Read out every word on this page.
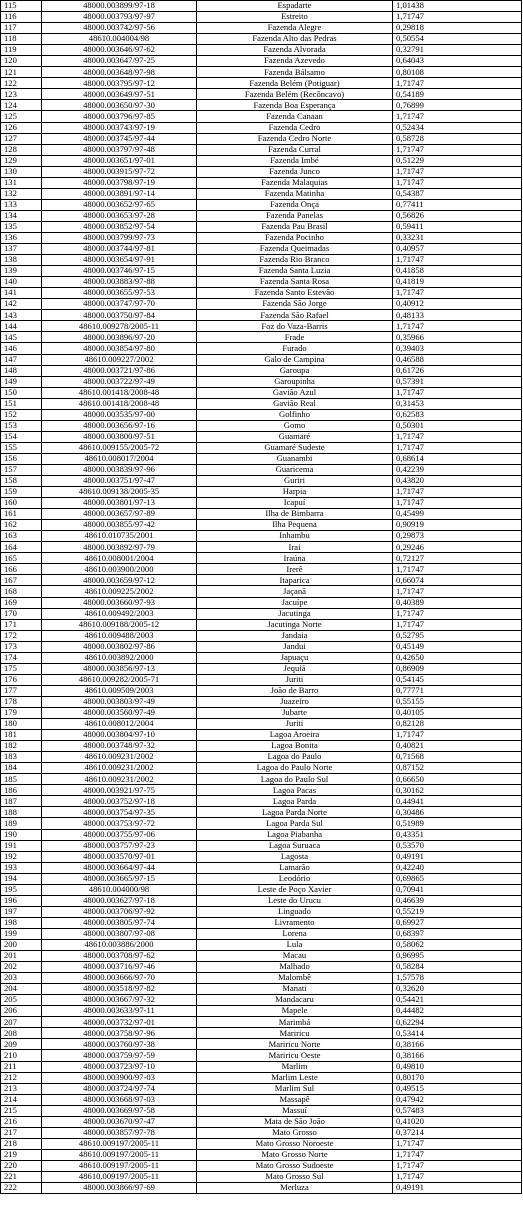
115	48000.003899/97-18	Espadarte	1,01438
116	48000.003793/97-97	Estreito	1,71747
117	48000.003742/97-56	Fazenda Alegre	0,29818
118	48610.004004/98	Fazenda Alto das Pedras	0,50554
119	48000.003646/97-62	Fazenda Alvorada	0,32791
120	48000.003647/97-25	Fazenda Azevedo	0,64043
121	48000.003648/97-98	Fazenda Bálsamo	0,80108
122	48000.003795/97-12	Fazenda Belém (Potiguar)	1,71747
123	48000.003649/97-51	Fazenda Belém (Recôncavo)	0,54189
124	48000.003650/97-30	Fazenda Boa Esperança	0,76899
125	48000.003796/97-85	Fazenda Canaan	1,71747
126	48000.003743/97-19	Fazenda Cedro	0,52434
127	48000.003745/97-44	Fazenda Cedro Norte	0,58728
128	48000.003797/97-48	Fazenda Curral	1,71747
129	48000.003651/97-01	Fazenda Imbé	0,51229
130	48000.003915/97-72	Fazenda Junco	1,71747
131	48000.003798/97-19	Fazenda Malaquias	1,71747
132	48000.003891/97-14	Fazenda Matinha	0,54387
133	48000.003652/97-65	Fazenda Onça	0,77411
134	48000.003653/97-28	Fazenda Panelas	0,56826
135	48000.003852/97-54	Fazenda Pau Brasil	0,59411
136	48000.003799/97-73	Fazenda Pocinho	0,33231
137	48000.003744/97-81	Fazenda Queimadas	0,40957
138	48000.003654/97-91	Fazenda Rio Branco	1,71747
139	48000.003746/97-15	Fazenda Santa Luzia	0,41858
140	48000.003883/97-88	Fazenda Santa Rosa	0,41819
141	48000.003655/97-53	Fazenda Santo Estevão	1,71747
142	48000.003747/97-70	Fazenda São Jorge	0,40912
143	48000.003750/97-84	Fazenda São Rafael	0,48133
144	48610.009278/2005-11	Foz do Vaza-Barris	1,71747
145	48000.003896/97-20	Frade	0,35966
146	48000.003854/97-80	Furado	0,39403
147	48610.009227/2002	Galo de Campina	0,46588
148	48000.003721/97-86	Garoupa	0,61726
149	48000.003722/97-49	Garoupinha	0,57391
150	48610.001418/2008-48	Gavião Azul	1,71747
151	48610.001418/2008-48	Gavião Real	0,31453
152	48000.003535/97-00	Golfinho	0,62583
153	48000.003656/97-16	Gomo	0,50301
154	48000.003800/97-51	Guamaré	1,71747
155	48610.009155/2005-72	Guamaré Sudeste	1,71747
156	48610.008017/2004	Guanambi	0,68614
157	48000.003839/97-96	Guaricema	0,42239
158	48000.003751/97-47	Guriri	0,43820
159	48610.009138/2005-35	Harpia	1,71747
160	48000.003801/97-13	Icapuí	1,71747
161	48000.003657/97-89	Ilha de Bimbarra	0,45499
162	48000.003855/97-42	Ilha Pequena	0,90919
163	48610.010735/2001	Inhambu	0,29873
164	48000.003892/97-79	Irai	0,29246
165	48610.008001/2004	Iraúna	0,72127
166	48610.003900/2000	Irerê	1,71747
167	48000.003659/97-12	Itaparica	0,66074
168	48610.009225/2002	Jaçanã	1,71747
169	48000.003660/97-93	Jacuípe	0,40389
170	48610.009492/2003	Jacutinga	1,71747
171	48610.009188/2005-12	Jacutinga Norte	1,71747
172	48610.009488/2003	Jandaia	0,52795
173	48000.003802/97-86	Jandui	0,45149
174	48610.003892/2000	Japuaçu	0,42650
175	48000.003856/97-13	Jequiá	0,86909
176	48610.009282/2005-71	Juriti	0,54145
177	48610.009509/2003	João de Barro	0,77771
178	48000.003803/97-49	Juazeiro	0,55155
179	48000.003560/97-49	Jubarte	0,40105
180	48610.008012/2004	Juriti	0,82128
181	48000.003804/97-10	Lagoa Aroeira	1,71747
182	48000.003748/97-32	Lagoa Bonita	0,40821
183	48610.009231/2002	Lagoa do Paulo	0,71568
184	48610.009231/2002	Lagoa do Paulo Norte	0,87152
185	48610.009231/2002	Lagoa do Paulo Sul	0,66650
186	48000.003921/97-75	Lagoa Pacas	0,30162
187	48000.003752/97-18	Lagoa Parda	0,44941
188	48000.003754/97-35	Lagoa Parda Norte	0,30486
189	48000.003753/97-72	Lagoa Parda Sul	0,51989
190	48000.003755/97-06	Lagoa Piabanha	0,43351
191	48000.003757/97-23	Lagoa Suruaca	0,53570
192	48000.003570/97-01	Lagosta	0,49191
193	48000.003664/97-44	Lamarão	0,42240
194	48000.003665/97-15	Leodório	0,69865
195	48610.004000/98	Leste de Poço Xavier	0,70941
196	48000.003627/97-18	Leste do Urucu	0,46639
197	48000.003706/97-92	Linguado	0,55219
198	48000.003805/97-74	Livramento	0,69927
199	48000.003807/97-08	Lorena	0,68397
200	48610.003886/2000	Lula	0,58062
201	48000.003708/97-62	Macau	0,96995
202	48000.003716/97-46	Malhado	0,58284
203	48000.003666/97-70	Malombê	1,57578
204	48000.003518/97-82	Manati	0,32620
205	48000.003667/97-32	Mandacaru	0,54421
206	48000.003633/97-11	Mapele	0,44482
207	48000.003732/97-01	Marimbá	0,62294
208	48000.003758/97-96	Mariricu	0,53414
209	48000.003760/97-38	Mariricu Norte	0,38166
210	48000.003759/97-59	Mariricu Oeste	0,38166
211	48000.003723/97-10	Marlim	0,49810
212	48000.003900/97-03	Marlim Leste	0,80170
213	48000.003724/97-74	Marlim Sul	0,49515
214	48000.003668/97-03	Massapê	0,47942
215	48000.003669/97-58	Massuí	0,57483
216	48000.003670/97-47	Mata de São João	0,41020
217	48000.003857/97-78	Mato Grosso	0,37214
218	48610.009197/2005-11	Mato Grosso Noroeste	1,71747
219	48610.009197/2005-11	Mato Grosso Norte	1,71747
220	48610.009197/2005-11	Mato Grosso Sudoeste	1,71747
221	48610.009197/2005-11	Mato Grosso Sul	1,71747
222	48000.003866/97-69	Merluza	0,49191
